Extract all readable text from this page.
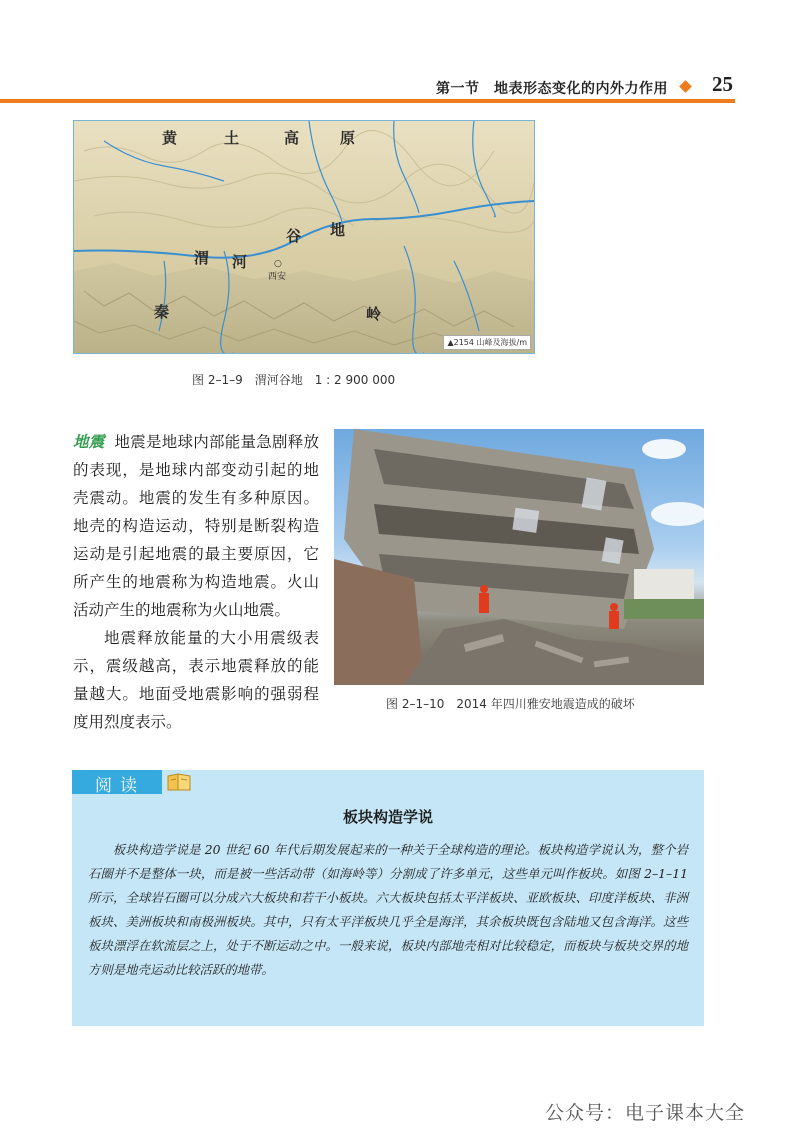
第一节　地表形态变化的内外力作用 25
黄	土	高	原
谷 地
渭 河	○
西安
秦	岭
▲2154 山峰及海拔/m
图 2–1–9　渭河谷地　1 : 2 900 000

地震 地震是地球内部能量急剧释放的表现，是地球内部变动引起的地壳震动。地震的发生有多种原因。地壳的构造运动，特别是断裂构造运动是引起地震的最主要原因，它所产生的地震称为构造地震。火山活动产生的地震称为火山地震。

地震释放能量的大小用震级表示，震级越高，表示地震释放的能量越大。地面受地震影响的强弱程度用烈度表示。

图 2–1–10　2014 年四川雅安地震造成的破坏
阅读
板块构造学说
板块构造学说是 20 世纪 60 年代后期发展起来的一种关于全球构造的理论。板块构造学说认为，整个岩石圈并不是整体一块，而是被一些活动带（如海岭等）分割成了许多单元，这些单元叫作板块。如图 2–1–11 所示，全球岩石圈可以分成六大板块和若干小板块。六大板块包括太平洋板块、亚欧板块、印度洋板块、非洲板块、美洲板块和南极洲板块。其中，只有太平洋板块几乎全是海洋，其余板块既包含陆地又包含海洋。这些板块漂浮在软流层之上，处于不断运动之中。一般来说，板块内部地壳相对比较稳定，而板块与板块交界的地方则是地壳运动比较活跃的地带。
公众号：电子课本大全
